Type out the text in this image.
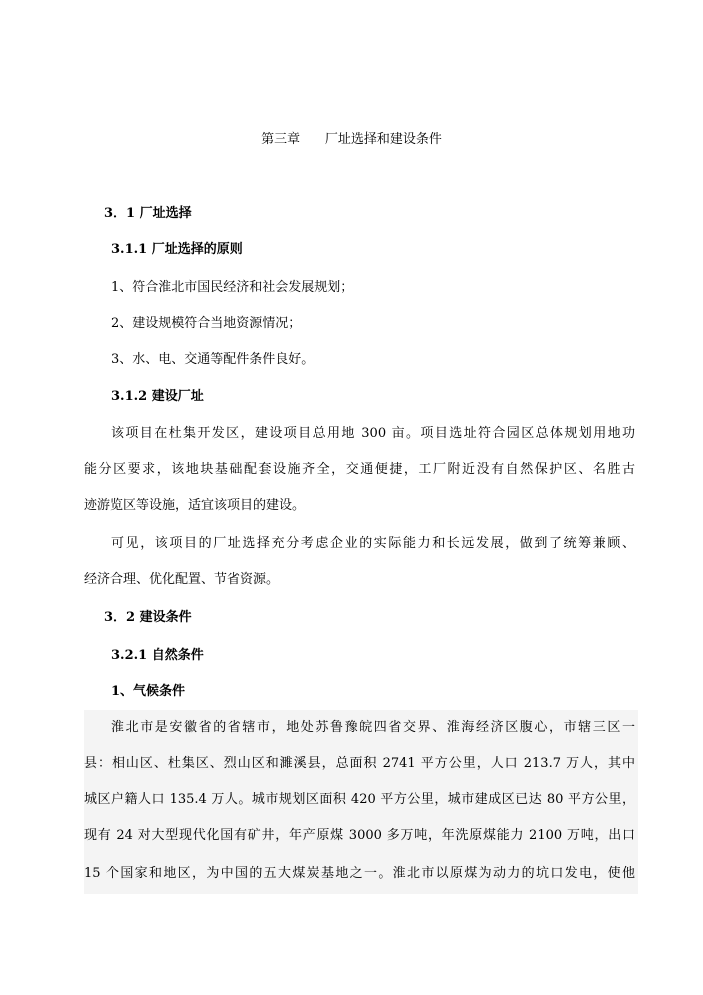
第三章      厂址选择和建设条件
3．1 厂址选择
3.1.1 厂址选择的原则
1、符合淮北市国民经济和社会发展规划；
2、建设规模符合当地资源情况；
3、水、电、交通等配件条件良好。
3.1.2 建设厂址
该项目在杜集开发区，建设项目总用地 300 亩。项目选址符合园区总体规划用地功
能分区要求，该地块基础配套设施齐全，交通便捷，工厂附近没有自然保护区、名胜古
迹游览区等设施，适宜该项目的建设。
可见，该项目的厂址选择充分考虑企业的实际能力和长远发展，做到了统筹兼顾、
经济合理、优化配置、节省资源。
3．2 建设条件
3.2.1 自然条件
1、气候条件
淮北市是安徽省的省辖市，地处苏鲁豫皖四省交界、淮海经济区腹心，市辖三区一
县：相山区、杜集区、烈山区和濉溪县，总面积 2741 平方公里，人口 213.7 万人，其中
城区户籍人口 135.4 万人。城市规划区面积 420 平方公里，城市建成区已达 80 平方公里，
现有 24 对大型现代化国有矿井，年产原煤 3000 多万吨，年洗原煤能力 2100 万吨，出口
15 个国家和地区，为中国的五大煤炭基地之一。淮北市以原煤为动力的坑口发电，使他
